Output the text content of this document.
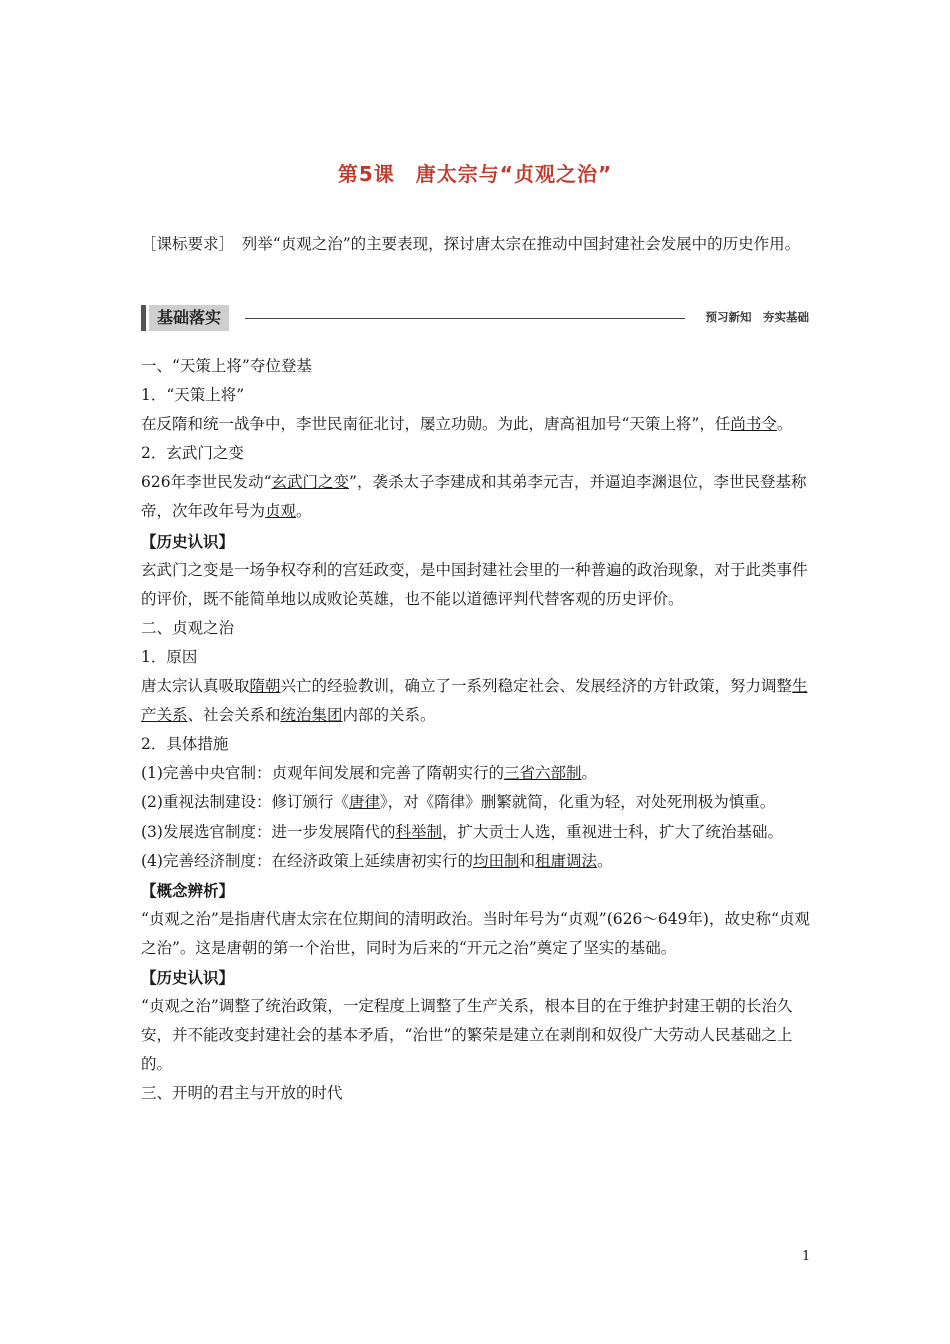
第5课　唐太宗与“贞观之治”
［课标要求］　列举“贞观之治”的主要表现，探讨唐太宗在推动中国封建社会发展中的历史作用。
基础落实	预习新知　夯实基础

一、“天策上将”夺位登基

1．“天策上将”

在反隋和统一战争中，李世民南征北讨，屡立功勋。为此，唐高祖加号“天策上将”，任尚书令。

2．玄武门之变

626年李世民发动“玄武门之变”，袭杀太子李建成和其弟李元吉，并逼迫李渊退位，李世民登基称帝，次年改年号为贞观。

【历史认识】

玄武门之变是一场争权夺利的宫廷政变，是中国封建社会里的一种普遍的政治现象，对于此类事件的评价，既不能简单地以成败论英雄，也不能以道德评判代替客观的历史评价。

二、贞观之治

1．原因

唐太宗认真吸取隋朝兴亡的经验教训，确立了一系列稳定社会、发展经济的方针政策，努力调整生产关系、社会关系和统治集团内部的关系。

2．具体措施

(1)完善中央官制：贞观年间发展和完善了隋朝实行的三省六部制。

(2)重视法制建设：修订颁行《唐律》，对《隋律》删繁就简，化重为轻，对处死刑极为慎重。

(3)发展选官制度：进一步发展隋代的科举制，扩大贡士人选，重视进士科，扩大了统治基础。

(4)完善经济制度：在经济政策上延续唐初实行的均田制和租庸调法。

【概念辨析】

“贞观之治”是指唐代唐太宗在位期间的清明政治。当时年号为“贞观”(626～649年)，故史称“贞观之治”。这是唐朝的第一个治世，同时为后来的“开元之治”奠定了坚实的基础。

【历史认识】

“贞观之治”调整了统治政策，一定程度上调整了生产关系，根本目的在于维护封建王朝的长治久安，并不能改变封建社会的基本矛盾，“治世”的繁荣是建立在剥削和奴役广大劳动人民基础之上的。

三、开明的君主与开放的时代

1
